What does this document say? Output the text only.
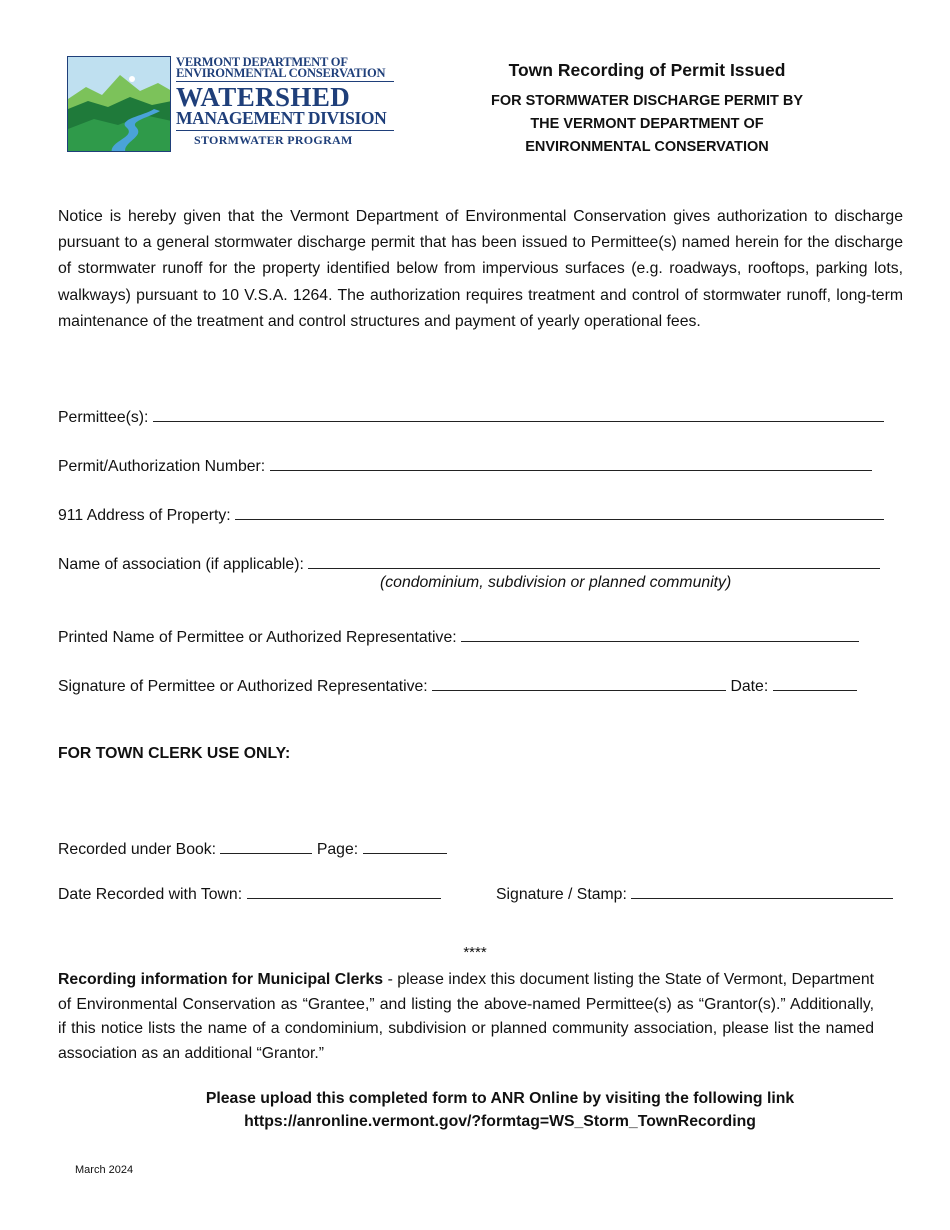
VERMONT DEPARTMENT OF
ENVIRONMENTAL CONSERVATION
WATERSHED
MANAGEMENT DIVISION
STORMWATER PROGRAM
Town Recording of Permit Issued
FOR STORMWATER DISCHARGE PERMIT BY
THE VERMONT DEPARTMENT OF
ENVIRONMENTAL CONSERVATION
Notice is hereby given that the Vermont Department of Environmental Conservation gives authorization to discharge pursuant to a general stormwater discharge permit that has been issued to Permittee(s) named herein for the discharge of stormwater runoff for the property identified below from impervious surfaces (e.g. roadways, rooftops, parking lots, walkways) pursuant to 10 V.S.A. 1264. The authorization requires treatment and control of stormwater runoff, long-term maintenance of the treatment and control structures and payment of yearly operational fees.
Permittee(s):
Permit/Authorization Number:
911 Address of Property:
Name of association (if applicable):
(condominium, subdivision or planned community)
Printed Name of Permittee or Authorized Representative:
Signature of Permittee or Authorized Representative:	Date:
FOR TOWN CLERK USE ONLY:
Recorded under Book:	Page:
Date Recorded with Town:	Signature / Stamp:
****
Recording information for Municipal Clerks - please index this document listing the State of Vermont, Department of Environmental Conservation as “Grantee,” and listing the above-named Permittee(s) as “Grantor(s).” Additionally, if this notice lists the name of a condominium, subdivision or planned community association, please list the named association as an additional “Grantor.”
Please upload this completed form to ANR Online by visiting the following link
https://anronline.vermont.gov/?formtag=WS_Storm_TownRecording
March 2024
